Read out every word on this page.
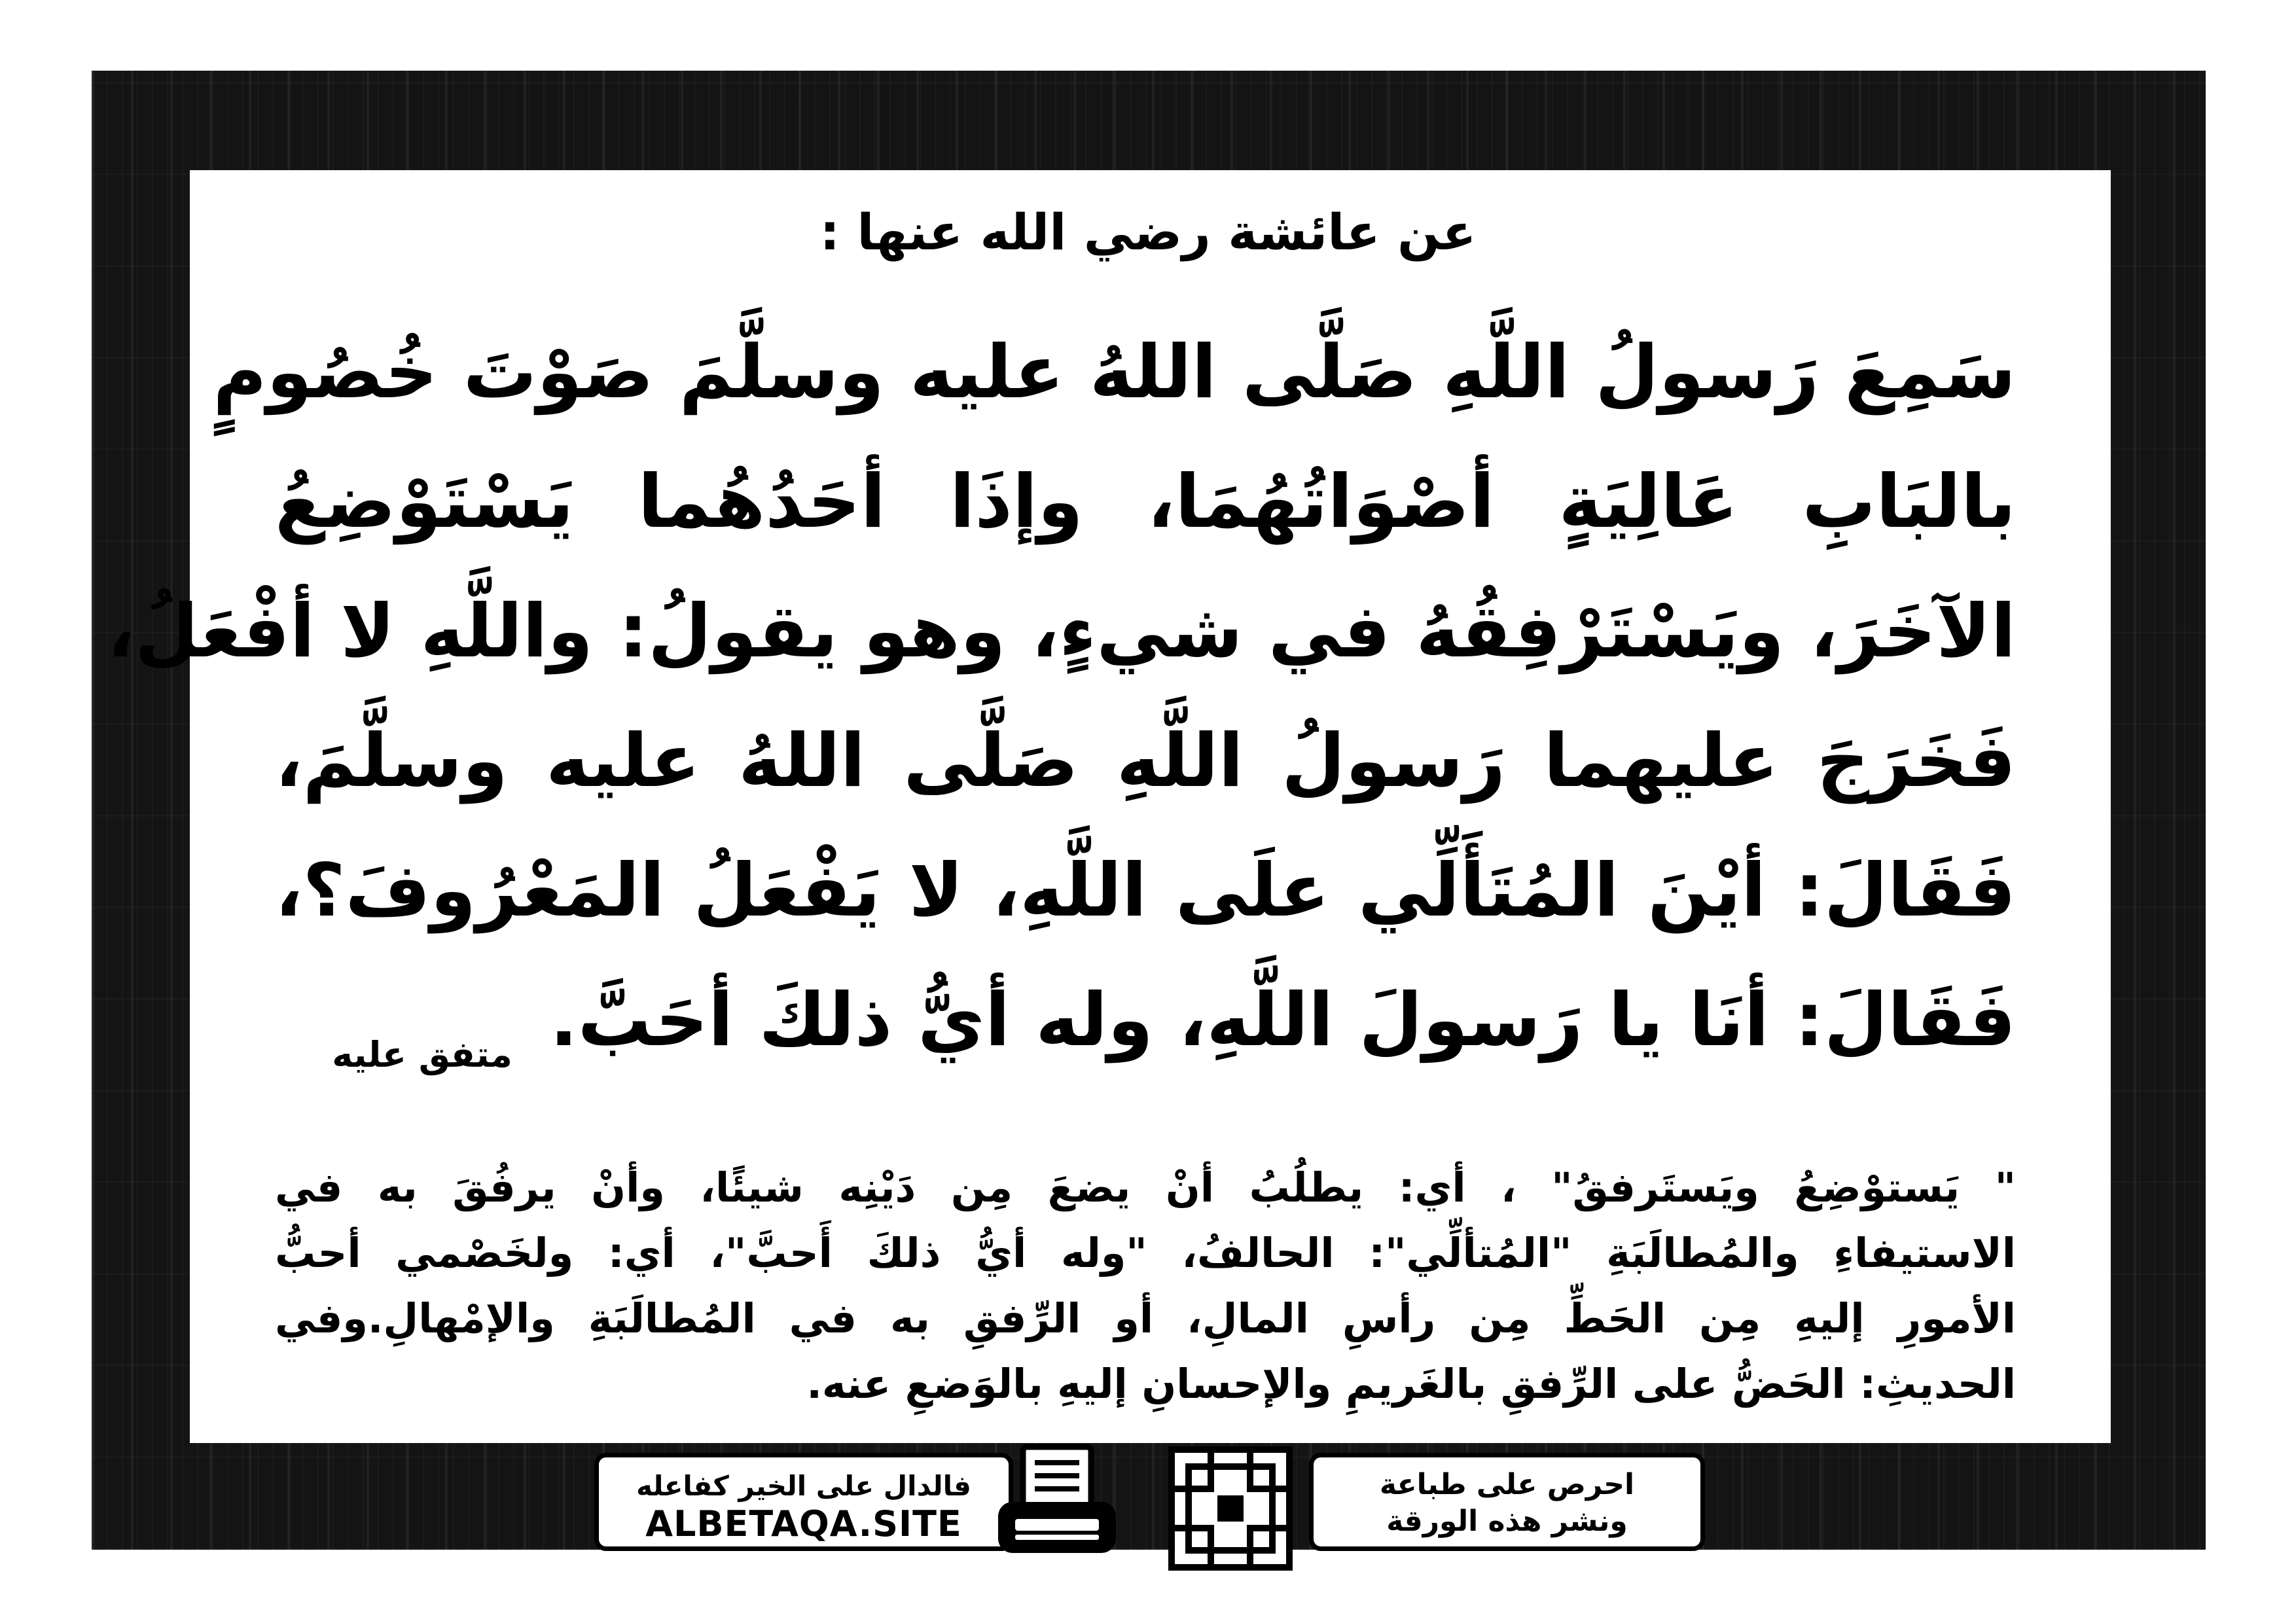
عن عائشة رضي الله عنها :
سَمِعَ رَسولُ اللَّهِ صَلَّى اللهُ عليه وسلَّمَ صَوْتَ خُصُومٍ
بالبَابِ عَالِيَةٍ أصْوَاتُهُمَا، وإذَا أحَدُهُما يَسْتَوْضِعُ
الآخَرَ، ويَسْتَرْفِقُهُ في شيءٍ، وهو يقولُ: واللَّهِ لا أفْعَلُ،
فَخَرَجَ عليهما رَسولُ اللَّهِ صَلَّى اللهُ عليه وسلَّمَ،
فَقَالَ: أيْنَ المُتَأَلِّي علَى اللَّهِ، لا يَفْعَلُ المَعْرُوفَ؟،
فَقَالَ: أنَا يا رَسولَ اللَّهِ، وله أيُّ ذلكَ أحَبَّ.
متفق عليه
" يَستوْضِعُ ويَستَرفقُ" ، أي: يطلُبُ أنْ يضعَ مِن دَيْنِه شيئًا، وأنْ يرفُقَ به في
الاستيفاءِ والمُطالَبَةِ "المُتألِّي": الحالفُ، "وله أيُّ ذلكَ أَحبَّ"، أي: ولخَصْمي أحبُّ
الأمورِ إليهِ مِن الحَطِّ مِن رأسِ المالِ، أو الرِّفقِ به في المُطالَبَةِ والإمْهالِ.وفي
الحديثِ: الحَضُّ على الرِّفقِ بالغَريمِ والإحسانِ إليهِ بالوَضعِ عنه.
فالدال على الخير كفاعله
ALBETAQA.SITE
احرص على طباعة
ونشر هذه الورقة
